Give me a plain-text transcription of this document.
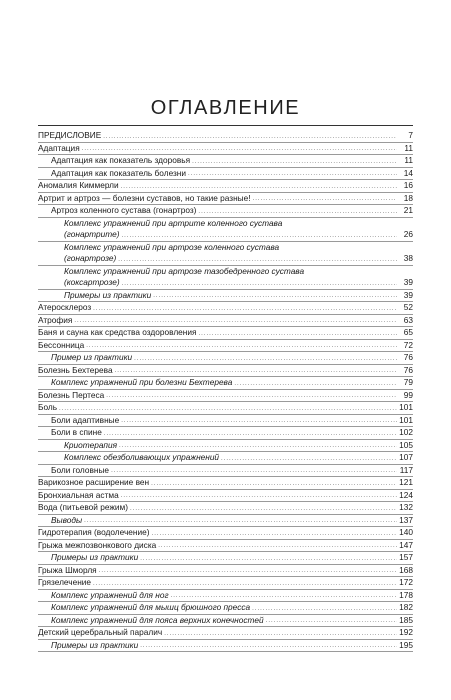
ОГЛАВЛЕНИЕ
ПРЕДИСЛОВИЕ .....	7
Адаптация .....	11
Адаптация как показатель здоровья .....	11
Адаптация как показатель болезни .....	14
Аномалия Киммерли .....	16
Артрит и артроз — болезни суставов, но такие разные! .....	18
Артроз коленного сустава (гонартроз) .....	21
Комплекс упражнений при артрите коленного сустава
(гонартрите) .....	26
Комплекс упражнений при артрозе коленного сустава
(гонартрозе) .....	38
Комплекс упражнений при артрозе тазобедренного сустава
(коксартрозе) .....	39
Примеры из практики .....	39
Атеросклероз .....	52
Атрофия .....	63
Баня и сауна как средства оздоровления .....	65
Бессонница .....	72
Пример из практики .....	76
Болезнь Бехтерева .....	76
Комплекс упражнений при болезни Бехтерева .....	79
Болезнь Пертеса .....	99
Боль .....	101
Боли адаптивные .....	101
Боли в спине .....	102
Криотерапия .....	105
Комплекс обезболивающих упражнений .....	107
Боли головные .....	117
Варикозное расширение вен .....	121
Бронхиальная астма .....	124
Вода (питьевой режим) .....	132
Выводы .....	137
Гидротерапия (водолечение) .....	140
Грыжа межпозвонкового диска .....	147
Примеры из практики .....	157
Грыжа Шморля .....	168
Грязелечение .....	172
Комплекс упражнений для ног .....	178
Комплекс упражнений для мышц брюшного пресса .....	182
Комплекс упражнений для пояса верхних конечностей .....	185
Детский церебральный паралич .....	192
Примеры из практики .....	195
